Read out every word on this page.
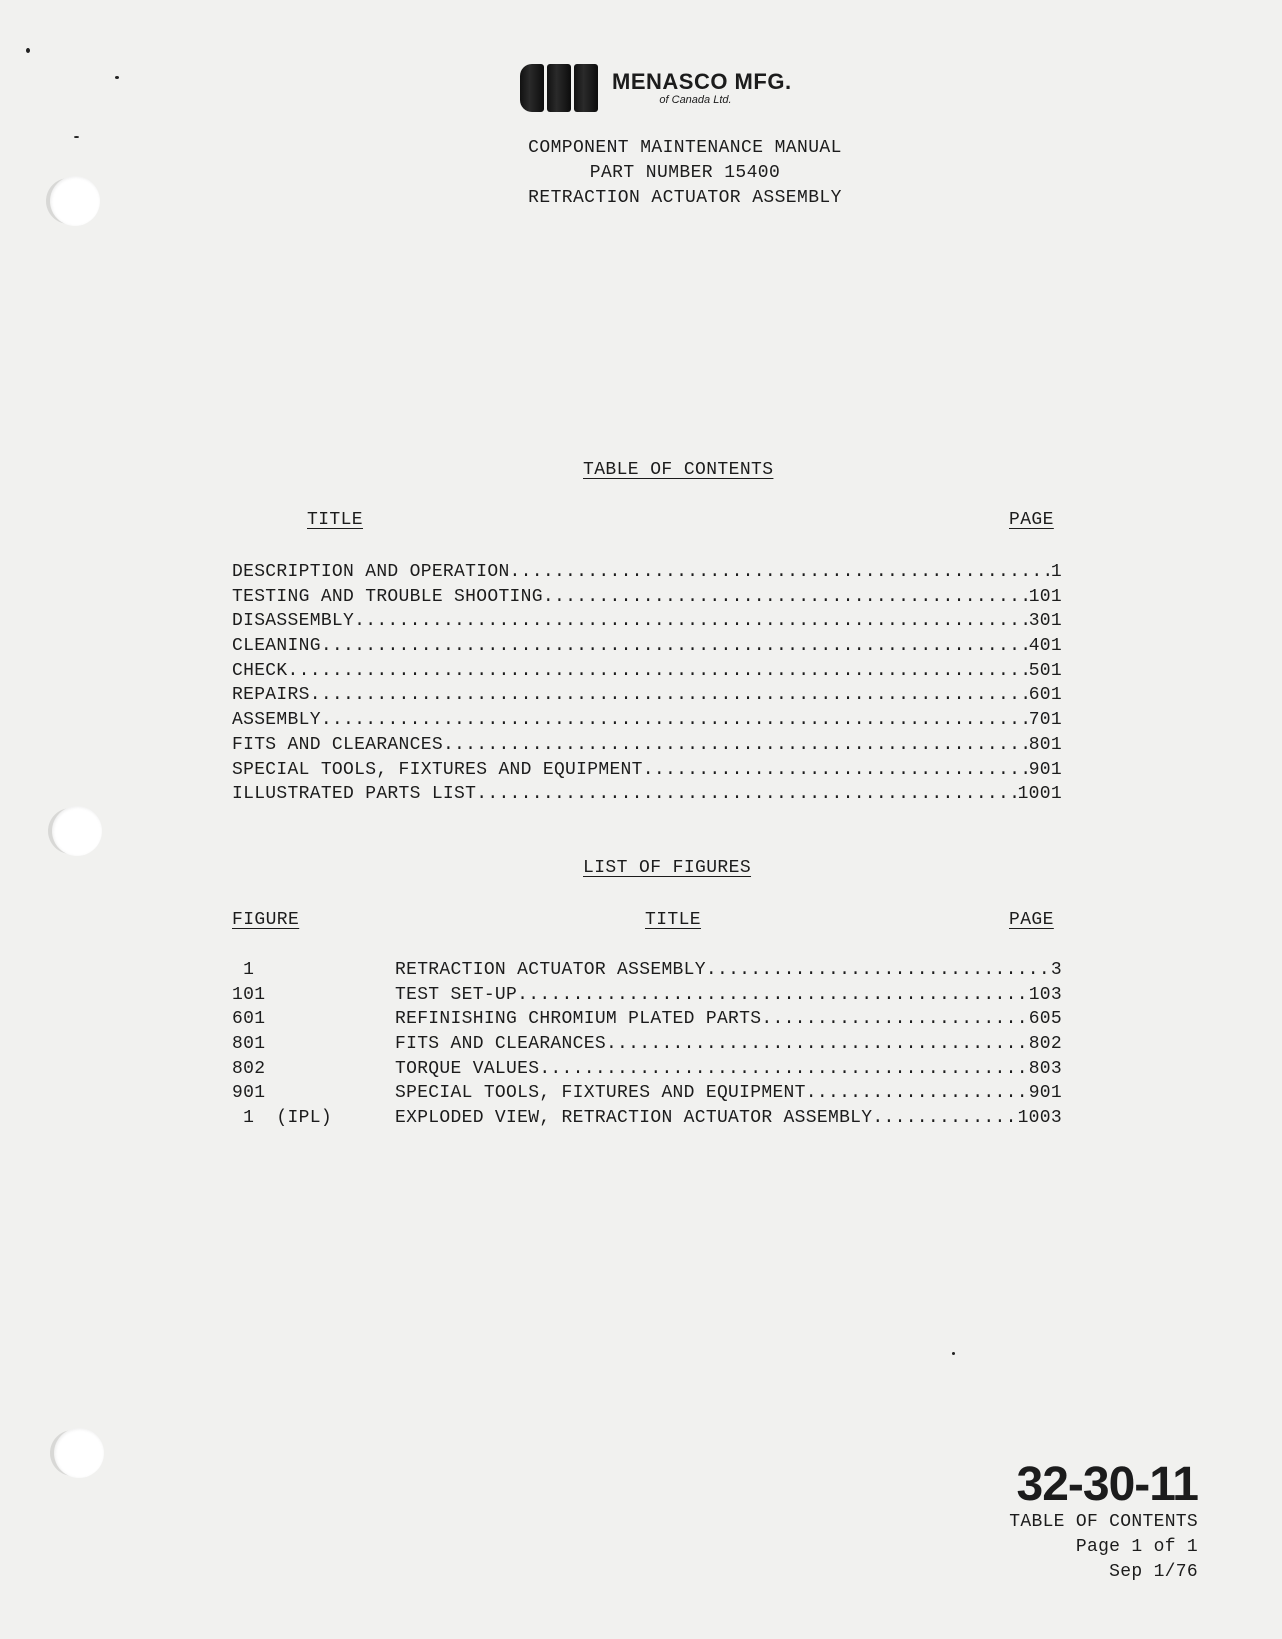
MENASCO MFG.
of Canada Ltd.
COMPONENT MAINTENANCE MANUAL
PART NUMBER 15400
RETRACTION ACTUATOR ASSEMBLY
TABLE OF CONTENTS
TITLE	PAGE
DESCRIPTION AND OPERATION .....	1
TESTING AND TROUBLE SHOOTING .....	101
DISASSEMBLY .....	301
CLEANING .....	401
CHECK .....	501
REPAIRS .....	601
ASSEMBLY .....	701
FITS AND CLEARANCES .....	801
SPECIAL TOOLS, FIXTURES AND EQUIPMENT .....	901
ILLUSTRATED PARTS LIST .....	1001
LIST OF FIGURES
FIGURE	TITLE	PAGE
1	RETRACTION ACTUATOR ASSEMBLY .....	3
101	TEST SET-UP .....	103
601	REFINISHING CHROMIUM PLATED PARTS .....	605
801	FITS AND CLEARANCES .....	802
802	TORQUE VALUES .....	803
901	SPECIAL TOOLS, FIXTURES AND EQUIPMENT .....	901
1  (IPL)	EXPLODED VIEW, RETRACTION ACTUATOR ASSEMBLY .....	1003
32-30-11
TABLE OF CONTENTS
Page 1 of 1
Sep 1/76
